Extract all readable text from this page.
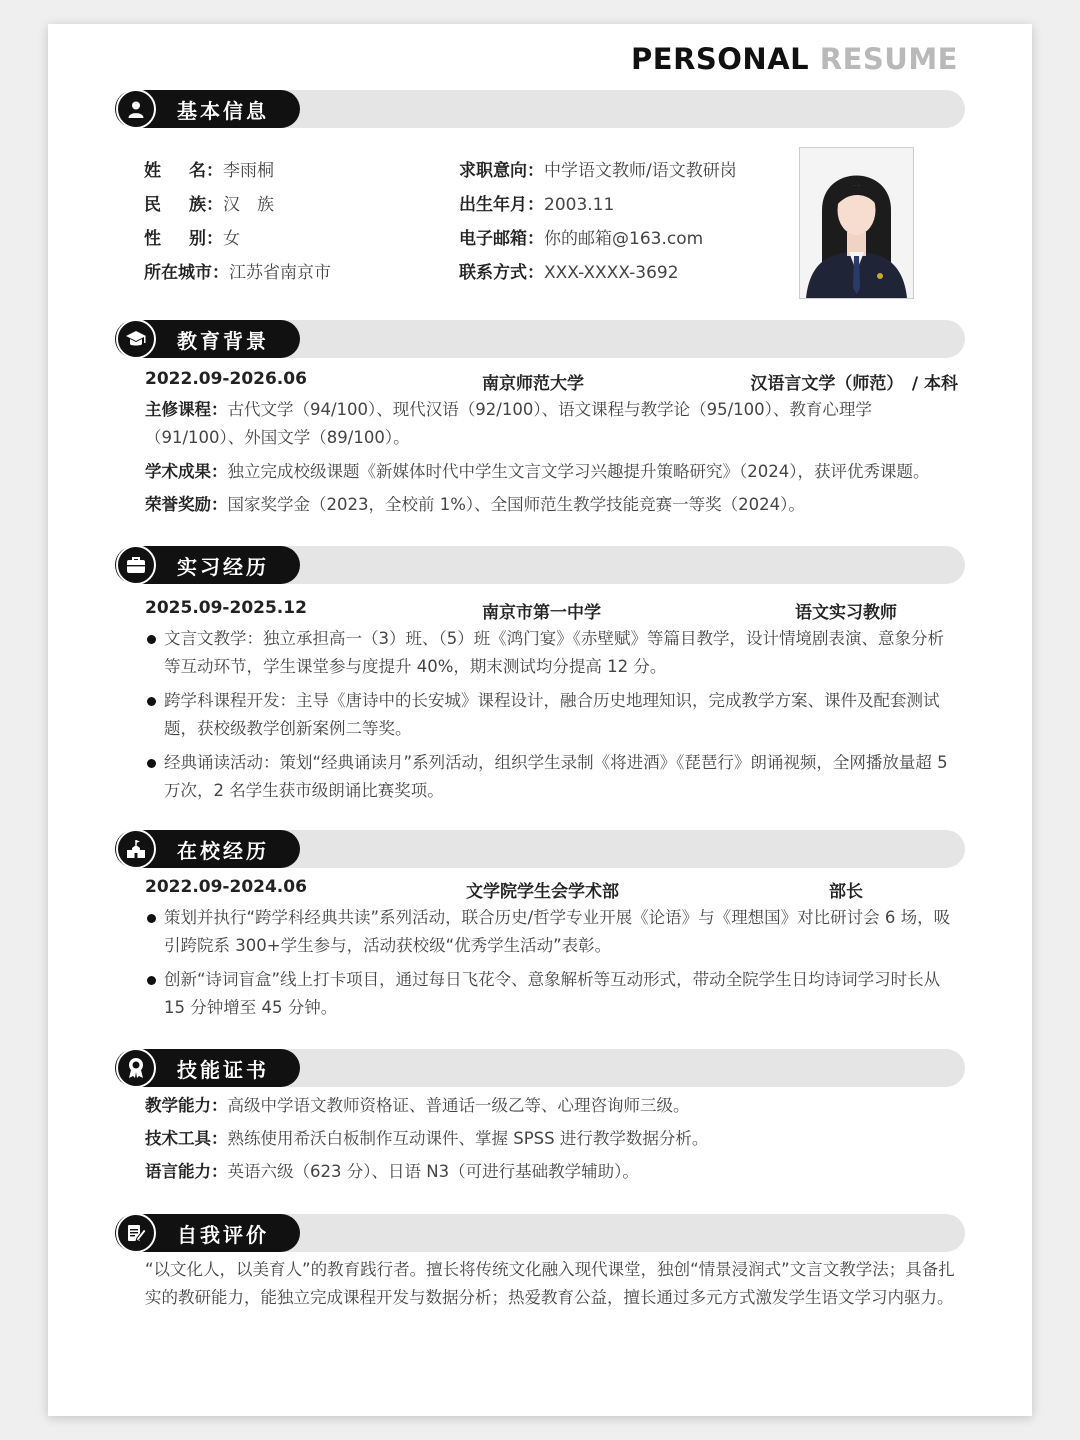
PERSONAL RESUME
基本信息
姓名：李雨桐
民族：汉　族
性别：女
所在城市：江苏省南京市
求职意向：中学语文教师/语文教研岗
出生年月：2003.11
电子邮箱：你的邮箱@163.com
联系方式：XXX-XXXX-3692
教育背景
2022.09-2026.06	南京师范大学	汉语言文学（师范）　/ 本科
主修课程：古代文学（94/100）、现代汉语（92/100）、语文课程与教学论（95/100）、教育心理学（91/100）、外国文学（89/100）。
学术成果：独立完成校级课题《新媒体时代中学生文言文学习兴趣提升策略研究》（2024），获评优秀课题。
荣誉奖励：国家奖学金（2023，全校前 1%）、全国师范生教学技能竞赛一等奖（2024）。
实习经历
2025.09-2025.12	南京市第一中学	语文实习教师
文言文教学：独立承担高一（3）班、（5）班《鸿门宴》《赤壁赋》等篇目教学，设计情境剧表演、意象分析等互动环节，学生课堂参与度提升 40%，期末测试均分提高 12 分。
跨学科课程开发：主导《唐诗中的长安城》课程设计，融合历史地理知识，完成教学方案、课件及配套测试题，获校级教学创新案例二等奖。
经典诵读活动：策划“经典诵读月”系列活动，组织学生录制《将进酒》《琵琶行》朗诵视频，全网播放量超 5 万次，2 名学生获市级朗诵比赛奖项。
在校经历
2022.09-2024.06	文学院学生会学术部	部长
策划并执行“跨学科经典共读”系列活动，联合历史/哲学专业开展《论语》与《理想国》对比研讨会 6 场，吸引跨院系 300+学生参与，活动获校级“优秀学生活动”表彰。
创新“诗词盲盒”线上打卡项目，通过每日飞花令、意象解析等互动形式，带动全院学生日均诗词学习时长从 15 分钟增至 45 分钟。
技能证书
教学能力：高级中学语文教师资格证、普通话一级乙等、心理咨询师三级。
技术工具：熟练使用希沃白板制作互动课件、掌握 SPSS 进行教学数据分析。
语言能力：英语六级（623 分）、日语 N3（可进行基础教学辅助）。
自我评价
“以文化人，以美育人”的教育践行者。擅长将传统文化融入现代课堂，独创“情景浸润式”文言文教学法；具备扎实的教研能力，能独立完成课程开发与数据分析；热爱教育公益，擅长通过多元方式激发学生语文学习内驱力。
